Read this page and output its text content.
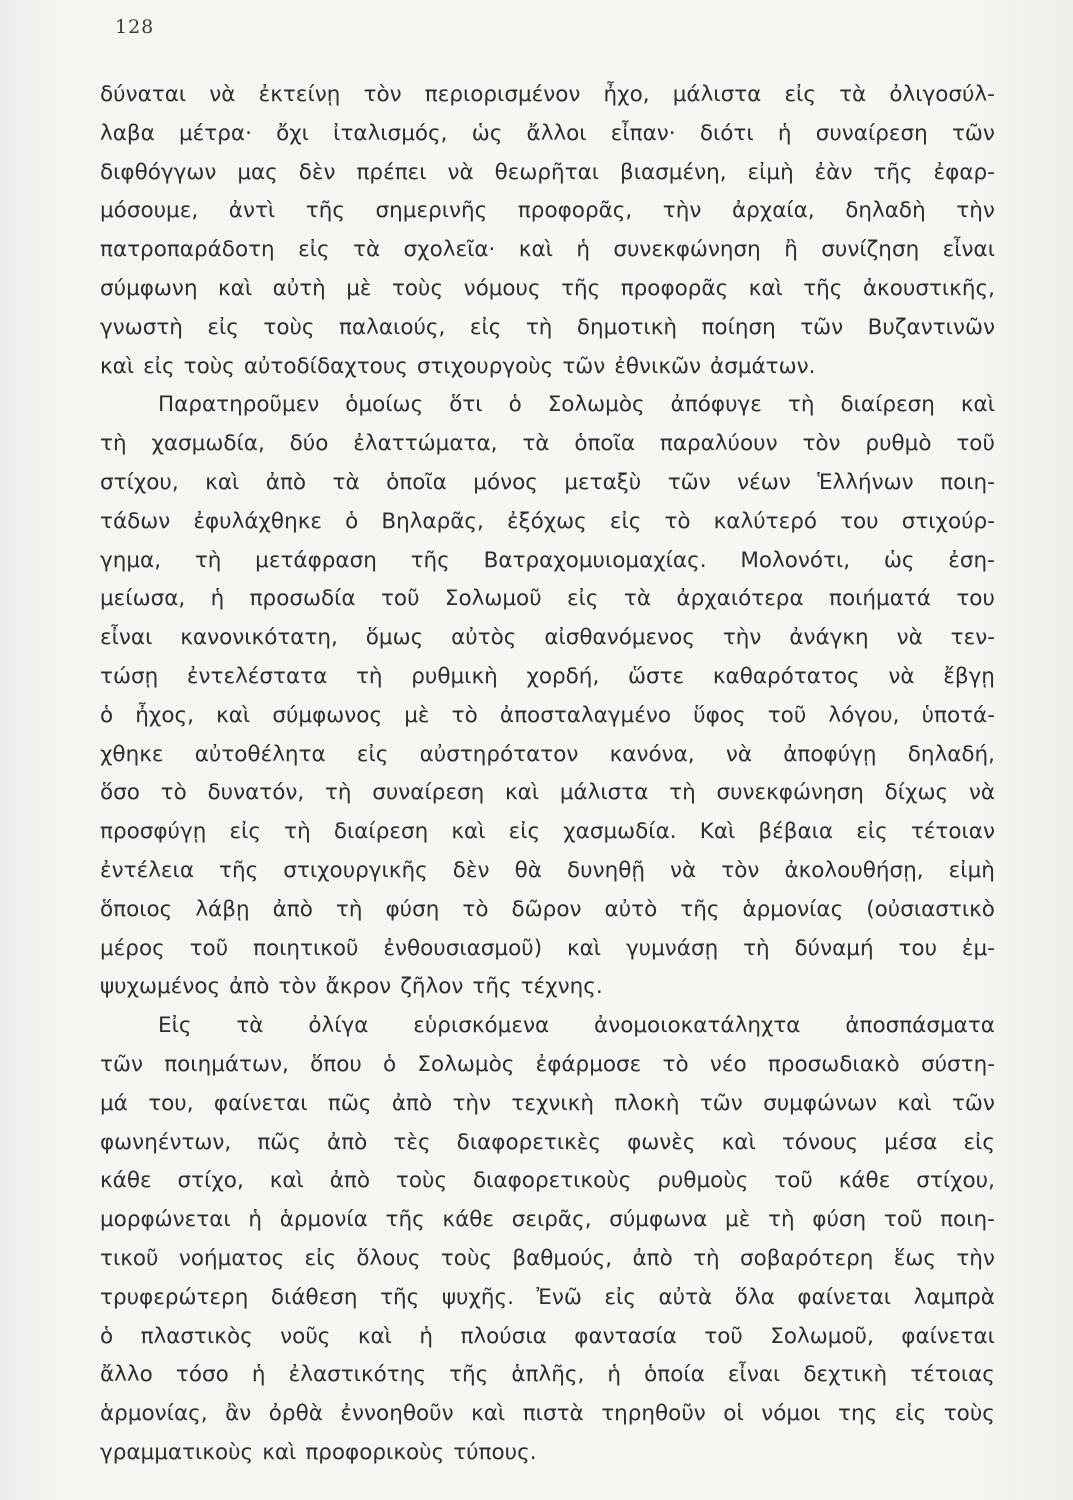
128
δύναται νὰ ἐκτείνῃ τὸν περιορισμένον ἦχο, μάλιστα εἰς τὰ ὀλιγοσύλ-
λαβα μέτρα· ὄχι ἰταλισμός, ὡς ἄλλοι εἶπαν· διότι ἡ συναίρεση τῶν
διφθόγγων μας δὲν πρέπει νὰ θεωρῆται βιασμένη, εἰμὴ ἐὰν τῆς ἐφαρ-
μόσουμε, ἀντὶ τῆς σημερινῆς προφορᾶς, τὴν ἀρχαία, δηλαδὴ τὴν
πατροπαράδοτη εἰς τὰ σχολεῖα· καὶ ἡ συνεκφώνηση ἢ συνίζηση εἶναι
σύμφωνη καὶ αὐτὴ μὲ τοὺς νόμους τῆς προφορᾶς καὶ τῆς ἀκουστικῆς,
γνωστὴ εἰς τοὺς παλαιούς, εἰς τὴ δημοτικὴ ποίηση τῶν Βυζαντινῶν
καὶ εἰς τοὺς αὐτοδίδαχτους στιχουργοὺς τῶν ἐθνικῶν ἀσμάτων.
Παρατηροῦμεν ὁμοίως ὅτι ὁ Σολωμὸς ἀπόφυγε τὴ διαίρεση καὶ
τὴ χασμωδία, δύο ἐλαττώματα, τὰ ὁποῖα παραλύουν τὸν ρυθμὸ τοῦ
στίχου, καὶ ἀπὸ τὰ ὁποῖα μόνος μεταξὺ τῶν νέων Ἑλλήνων ποιη-
τάδων ἐφυλάχθηκε ὁ Βηλαρᾶς, ἐξόχως εἰς τὸ καλύτερό του στιχούρ-
γημα, τὴ μετάφραση τῆς Βατραχομυιομαχίας. Μολονότι, ὡς ἐση-
μείωσα, ἡ προσωδία τοῦ Σολωμοῦ εἰς τὰ ἀρχαιότερα ποιήματά του
εἶναι κανονικότατη, ὅμως αὐτὸς αἰσθανόμενος τὴν ἀνάγκη νὰ τεν-
τώσῃ ἐντελέστατα τὴ ρυθμικὴ χορδή, ὥστε καθαρότατος νὰ ἔβγῃ
ὁ ἦχος, καὶ σύμφωνος μὲ τὸ ἀποσταλαγμένο ὕφος τοῦ λόγου, ὑποτά-
χθηκε αὐτοθέλητα εἰς αὐστηρότατον κανόνα, νὰ ἀποφύγῃ δηλαδή,
ὅσο τὸ δυνατόν, τὴ συναίρεση καὶ μάλιστα τὴ συνεκφώνηση δίχως νὰ
προσφύγῃ εἰς τὴ διαίρεση καὶ εἰς χασμωδία. Καὶ βέβαια εἰς τέτοιαν
ἐντέλεια τῆς στιχουργικῆς δὲν θὰ δυνηθῇ νὰ τὸν ἀκολουθήσῃ, εἰμὴ
ὅποιος λάβῃ ἀπὸ τὴ φύση τὸ δῶρον αὐτὸ τῆς ἁρμονίας (οὐσιαστικὸ
μέρος τοῦ ποιητικοῦ ἐνθουσιασμοῦ) καὶ γυμνάσῃ τὴ δύναμή του ἐμ-
ψυχωμένος ἀπὸ τὸν ἄκρον ζῆλον τῆς τέχνης.
Εἰς τὰ ὀλίγα εὑρισκόμενα ἀνομοιοκατάληχτα ἀποσπάσματα
τῶν ποιημάτων, ὅπου ὁ Σολωμὸς ἐφάρμοσε τὸ νέο προσωδιακὸ σύστη-
μά του, φαίνεται πῶς ἀπὸ τὴν τεχνικὴ πλοκὴ τῶν συμφώνων καὶ τῶν
φωνηέντων, πῶς ἀπὸ τὲς διαφορετικὲς φωνὲς καὶ τόνους μέσα εἰς
κάθε στίχο, καὶ ἀπὸ τοὺς διαφορετικοὺς ρυθμοὺς τοῦ κάθε στίχου,
μορφώνεται ἡ ἁρμονία τῆς κάθε σειρᾶς, σύμφωνα μὲ τὴ φύση τοῦ ποιη-
τικοῦ νοήματος εἰς ὅλους τοὺς βαθμούς, ἀπὸ τὴ σοβαρότερη ἕως τὴν
τρυφερώτερη διάθεση τῆς ψυχῆς. Ἐνῶ εἰς αὐτὰ ὅλα φαίνεται λαμπρὰ
ὁ πλαστικὸς νοῦς καὶ ἡ πλούσια φαντασία τοῦ Σολωμοῦ, φαίνεται
ἄλλο τόσο ἡ ἐλαστικότης τῆς ἁπλῆς, ἡ ὁποία εἶναι δεχτικὴ τέτοιας
ἁρμονίας, ἂν ὀρθὰ ἐννοηθοῦν καὶ πιστὰ τηρηθοῦν οἱ νόμοι της εἰς τοὺς
γραμματικοὺς καὶ προφορικοὺς τύπους.
